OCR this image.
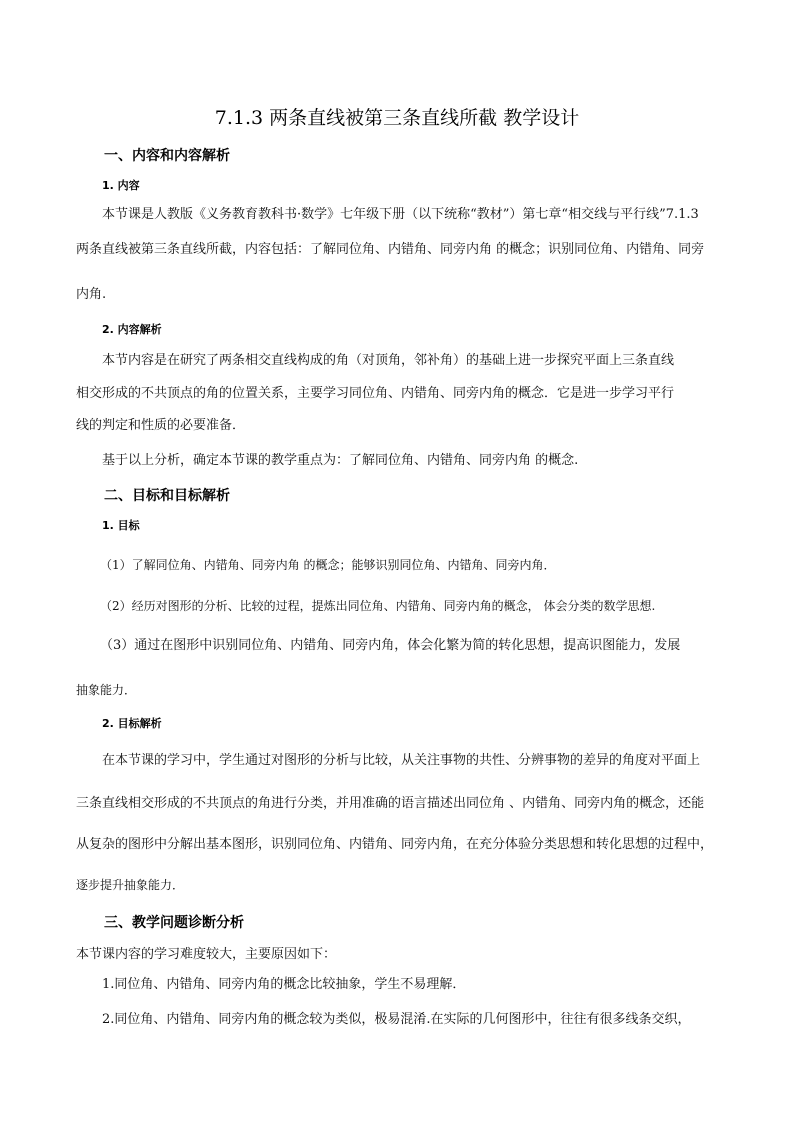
7.1.3 两条直线被第三条直线所截 教学设计
一、内容和内容解析
1. 内容
本节课是人教版《义务教育教科书·数学》七年级下册（以下统称“教材”）第七章“相交线与平行线”7.1.3
两条直线被第三条直线所截，内容包括：了解同位角、内错角、同旁内角 的概念；识别同位角、内错角、同旁
内角.
2. 内容解析
本节内容是在研究了两条相交直线构成的角（对顶角，邻补角）的基础上进一步探究平面上三条直线
相交形成的不共顶点的角的位置关系，主要学习同位角、内错角、同旁内角的概念．它是进一步学习平行
线的判定和性质的必要准备．
基于以上分析，确定本节课的教学重点为：了解同位角、内错角、同旁内角 的概念.
二、目标和目标解析
1. 目标
（1）了解同位角、内错角、同旁内角 的概念；能够识别同位角、内错角、同旁内角．
（2）经历对图形的分析、比较的过程，提炼出同位角、内错角、同旁内角的概念， 体会分类的数学思想.
（3）通过在图形中识别同位角、内错角、同旁内角，体会化繁为简的转化思想，提高识图能力，发展
抽象能力．
2. 目标解析
在本节课的学习中，学生通过对图形的分析与比较，从关注事物的共性、分辨事物的差异的角度对平面上
三条直线相交形成的不共顶点的角进行分类，并用准确的语言描述出同位角 、内错角、同旁内角的概念，还能
从复杂的图形中分解出基本图形，识别同位角、内错角、同旁内角，在充分体验分类思想和转化思想的过程中，
逐步提升抽象能力．
三、教学问题诊断分析
本节课内容的学习难度较大，主要原因如下：
1.同位角、内错角、同旁内角的概念比较抽象，学生不易理解．
2.同位角、内错角、同旁内角的概念较为类似，极易混淆.在实际的几何图形中，往往有很多线条交织，
